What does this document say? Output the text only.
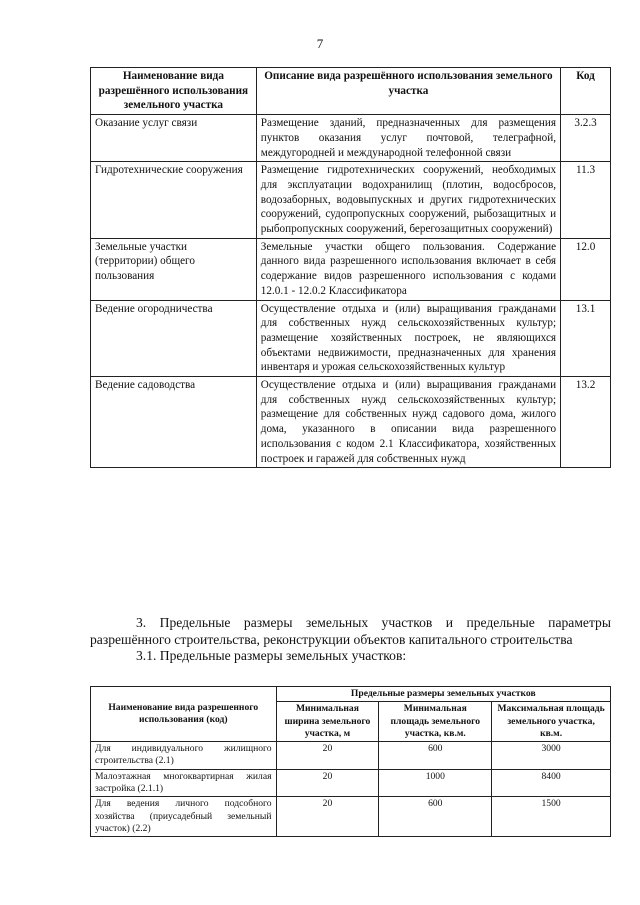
7
Наименование вида разрешённого использования земельного участка	Описание вида разрешённого использования земельного участка	Код
Оказание услуг связи	Размещение зданий, предназначенных для размещения пунктов оказания услуг почтовой, телеграфной, междугородней и международной телефонной связи	3.2.3
Гидротехнические сооружения	Размещение гидротехнических сооружений, необходимых для эксплуатации водохранилищ (плотин, водосбросов, водозаборных, водовыпускных и других гидротехнических сооружений, судопропускных сооружений, рыбозащитных и рыбопропускных сооружений, берегозащитных сооружений)	11.3
Земельные участки (территории) общего пользования	Земельные участки общего пользования. Содержание данного вида разрешенного использования включает в себя содержание видов разрешенного использования с кодами 12.0.1 - 12.0.2 Классификатора	12.0
Ведение огородничества	Осуществление отдыха и (или) выращивания гражданами для собственных нужд сельскохозяйственных культур; размещение хозяйственных построек, не являющихся объектами недвижимости, предназначенных для хранения инвентаря и урожая сельскохозяйственных культур	13.1
Ведение садоводства	Осуществление отдыха и (или) выращивания гражданами для собственных нужд сельскохозяйственных культур; размещение для собственных нужд садового дома, жилого дома, указанного в описании вида разрешенного использования с кодом 2.1 Классификатора, хозяйственных построек и гаражей для собственных нужд	13.2

3. Предельные размеры земельных участков и предельные параметры разрешённого строительства, реконструкции объектов капитального строительства

3.1. Предельные размеры земельных участков:

Наименование вида разрешенного использования (код)	Предельные размеры земельных участков		
	Минимальная ширина земельного участка, м	Минимальная площадь земельного участка, кв.м.	Максимальная площадь земельного участка, кв.м.
Для индивидуального жилищного строительства (2.1)	20	600	3000
Малоэтажная многоквартирная жилая застройка (2.1.1)	20	1000	8400
Для ведения личного подсобного хозяйства (приусадебный земельный участок) (2.2)	20	600	1500
